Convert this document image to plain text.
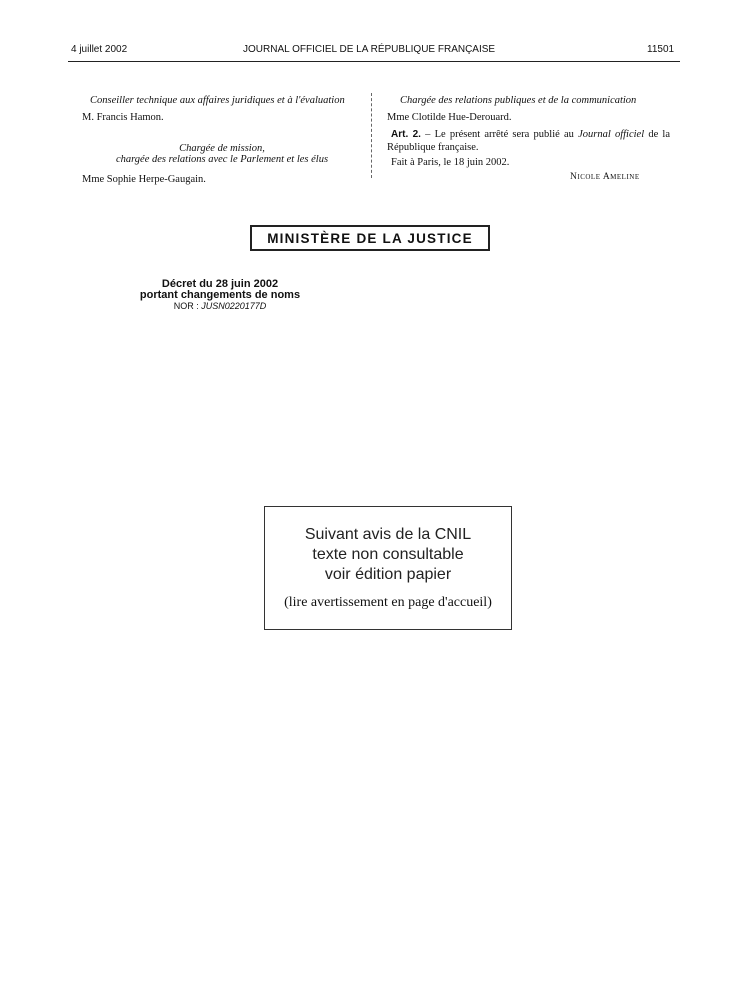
4 juillet 2002	JOURNAL OFFICIEL DE LA RÉPUBLIQUE FRANÇAISE	11501
Conseiller technique aux affaires juridiques et à l'évaluation
M. Francis Hamon.
Chargée de mission,
chargée des relations avec le Parlement et les élus
Mme Sophie Herpe-Gaugain.
Chargée des relations publiques et de la communication
Mme Clotilde Hue-Derouard.
Art. 2. – Le présent arrêté sera publié au Journal officiel de la République française.
Fait à Paris, le 18 juin 2002.
Nicole Ameline
MINISTÈRE DE LA JUSTICE
Décret du 28 juin 2002
portant changements de noms
NOR : JUSN0220177D
Suivant avis de la CNIL
texte non consultable
voir édition papier
(lire avertissement en page d'accueil)
